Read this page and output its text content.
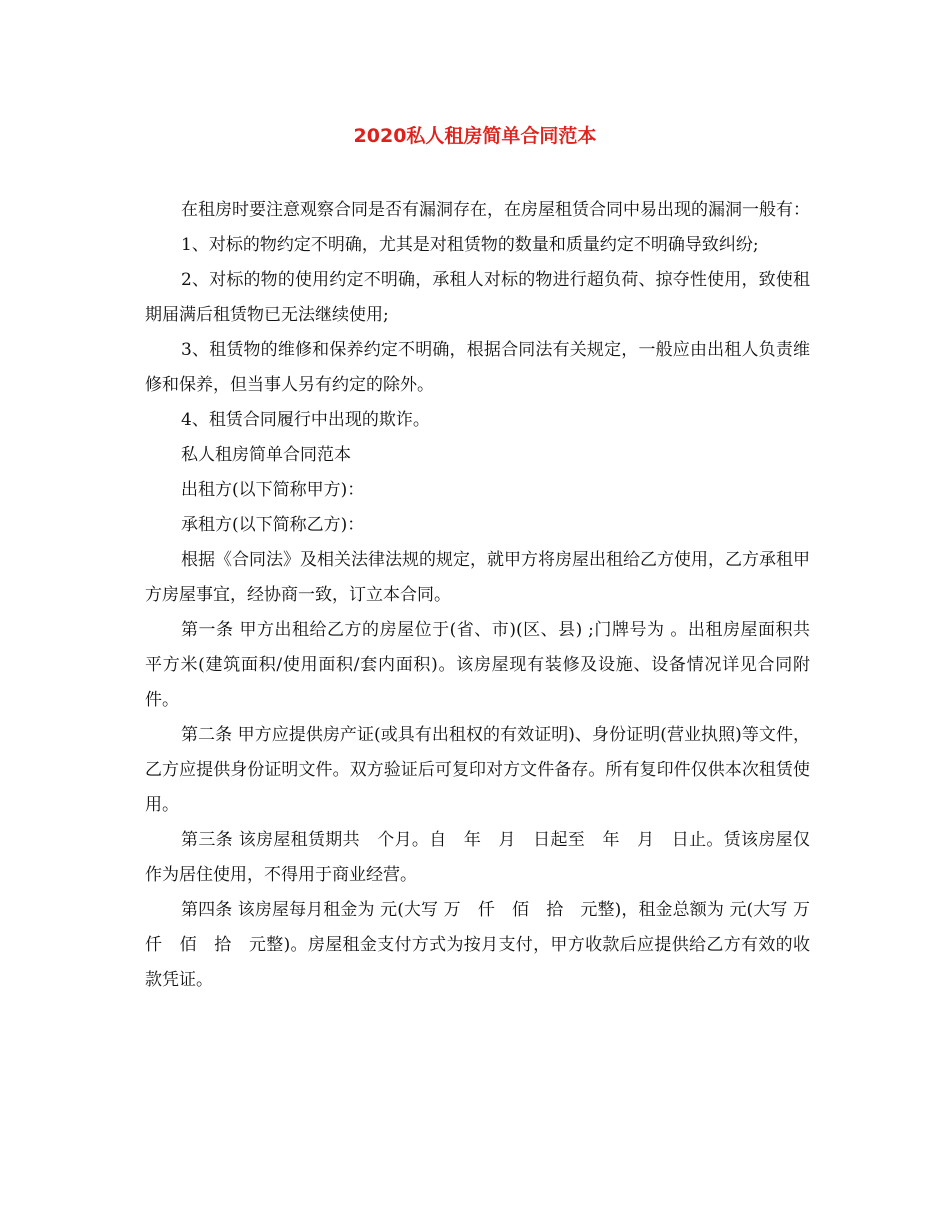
2020私人租房简单合同范本

在租房时要注意观察合同是否有漏洞存在，在房屋租赁合同中易出现的漏洞一般有：

1、对标的物约定不明确，尤其是对租赁物的数量和质量约定不明确导致纠纷;

2、对标的物的使用约定不明确，承租人对标的物进行超负荷、掠夺性使用，致使租期届满后租赁物已无法继续使用;

3、租赁物的维修和保养约定不明确，根据合同法有关规定，一般应由出租人负责维修和保养，但当事人另有约定的除外。

4、租赁合同履行中出现的欺诈。

私人租房简单合同范本

出租方(以下简称甲方)：

承租方(以下简称乙方)：

根据《合同法》及相关法律法规的规定，就甲方将房屋出租给乙方使用，乙方承租甲方房屋事宜，经协商一致，订立本合同。

第一条 甲方出租给乙方的房屋位于(省、市)(区、县) ;门牌号为 。出租房屋面积共 平方米(建筑面积/使用面积/套内面积)。该房屋现有装修及设施、设备情况详见合同附件。

第二条 甲方应提供房产证(或具有出租权的有效证明)、身份证明(营业执照)等文件，乙方应提供身份证明文件。双方验证后可复印对方文件备存。所有复印件仅供本次租赁使用。

第三条 该房屋租赁期共　个月。自　年　月　日起至　年　月　日止。赁该房屋仅作为居住使用，不得用于商业经营。

第四条 该房屋每月租金为 元(大写 万　仟　佰　拾　元整)，租金总额为 元(大写 万　仟　佰　拾　元整)。房屋租金支付方式为按月支付，甲方收款后应提供给乙方有效的收款凭证。
